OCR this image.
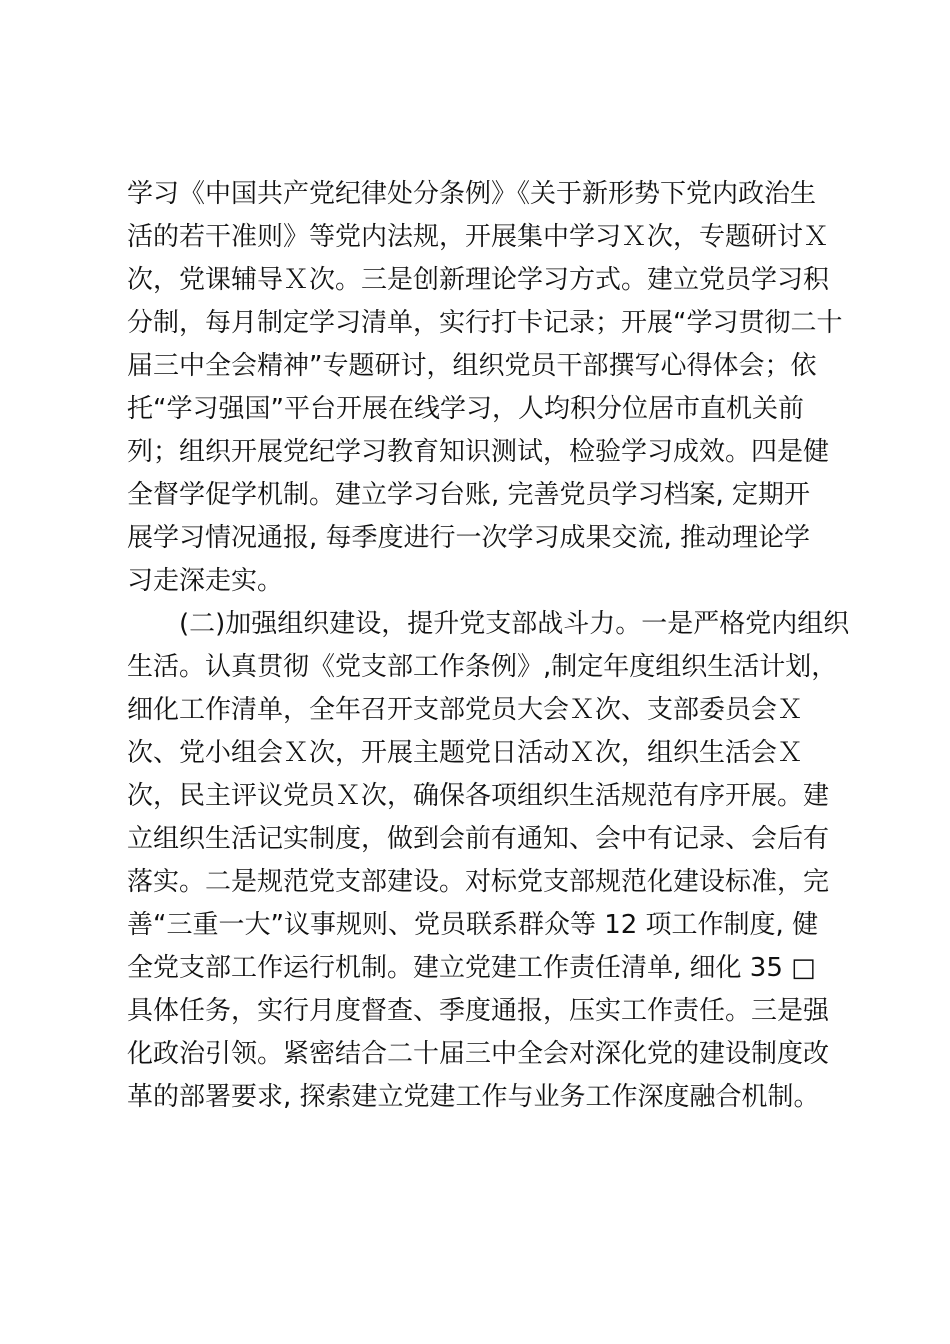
学习《中国共产党纪律处分条例》《关于新形势下党内政治生
活的若干准则》等党内法规，开展集中学习Ｘ次，专题研讨Ｘ
次，党课辅导Ｘ次。三是创新理论学习方式。建立党员学习积
分制，每月制定学习清单，实行打卡记录；开展“学习贯彻二十
届三中全会精神”专题研讨，组织党员干部撰写心得体会；依
托“学习强国”平台开展在线学习，人均积分位居市直机关前
列；组织开展党纪学习教育知识测试，检验学习成效。四是健
全督学促学机制。建立学习台账, 完善党员学习档案, 定期开
展学习情况通报, 每季度进行一次学习成果交流, 推动理论学
习走深走实。
(二)加强组织建设，提升党支部战斗力。一是严格党内组织
生活。认真贯彻《党支部工作条例》,制定年度组织生活计划，
细化工作清单，全年召开支部党员大会Ｘ次、支部委员会Ｘ
次、党小组会Ｘ次，开展主题党日活动Ｘ次，组织生活会Ｘ
次，民主评议党员Ｘ次，确保各项组织生活规范有序开展。建
立组织生活记实制度，做到会前有通知、会中有记录、会后有
落实。二是规范党支部建设。对标党支部规范化建设标准，完
善“三重一大”议事规则、党员联系群众等 12 项工作制度, 健
全党支部工作运行机制。建立党建工作责任清单, 细化 35 □
具体任务，实行月度督查、季度通报，压实工作责任。三是强
化政治引领。紧密结合二十届三中全会对深化党的建设制度改
革的部署要求, 探索建立党建工作与业务工作深度融合机制。
